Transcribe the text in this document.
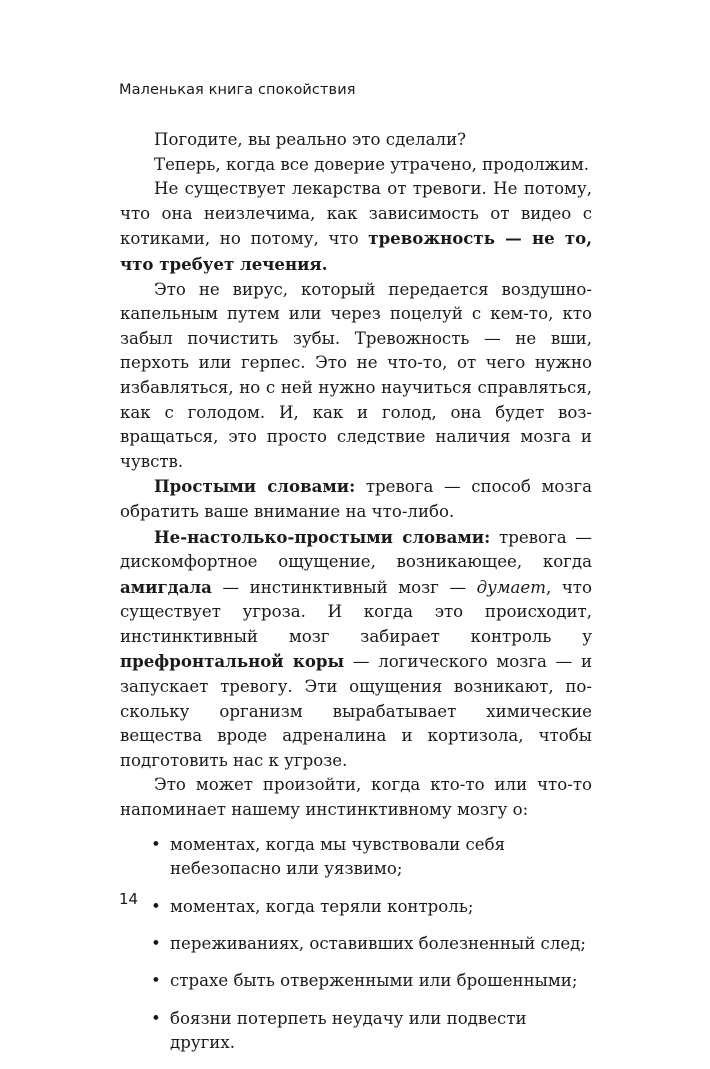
Маленькая книга спокойствия

Погодите, вы реально это сделали?

Теперь, когда все доверие утрачено, продолжим.

Не существует лекарства от тревоги. Не потому, что она неизлечима, как зависимость от видео с котиками, но потому, что тревожность — не то, что требует лечения.

Это не вирус, который передается воздушно-капельным путем или через поцелуй с кем-то, кто забыл почистить зубы. Тревожность — не вши, перхоть или герпес. Это не что-то, от чего нужно избавляться, но с ней нужно научиться справляться, как с голодом. И, как и голод, она будет возвращаться, это просто следствие наличия мозга и чувств.

Простыми словами: тревога — способ мозга обратить ваше внимание на что-либо.

Не-настолько-простыми словами: тревога — дискомфортное ощущение, возникающее, когда амигдала — инстинктивный мозг — думает, что существует угроза. И когда это происходит, инстинктивный мозг забирает контроль у префронтальной коры — логического мозга — и запускает тревогу. Эти ощущения возникают, поскольку организм вырабатывает химические вещества вроде адреналина и кортизола, чтобы подготовить нас к угрозе.

Это может произойти, когда кто-то или что-то напоминает нашему инстинктивному мозгу о:

• моментах, когда мы чувствовали себя небезопасно или уязвимо;
• моментах, когда теряли контроль;
• переживаниях, оставивших болезненный след;
• страхе быть отверженными или брошенными;
• боязни потерпеть неудачу или подвести других.
14
